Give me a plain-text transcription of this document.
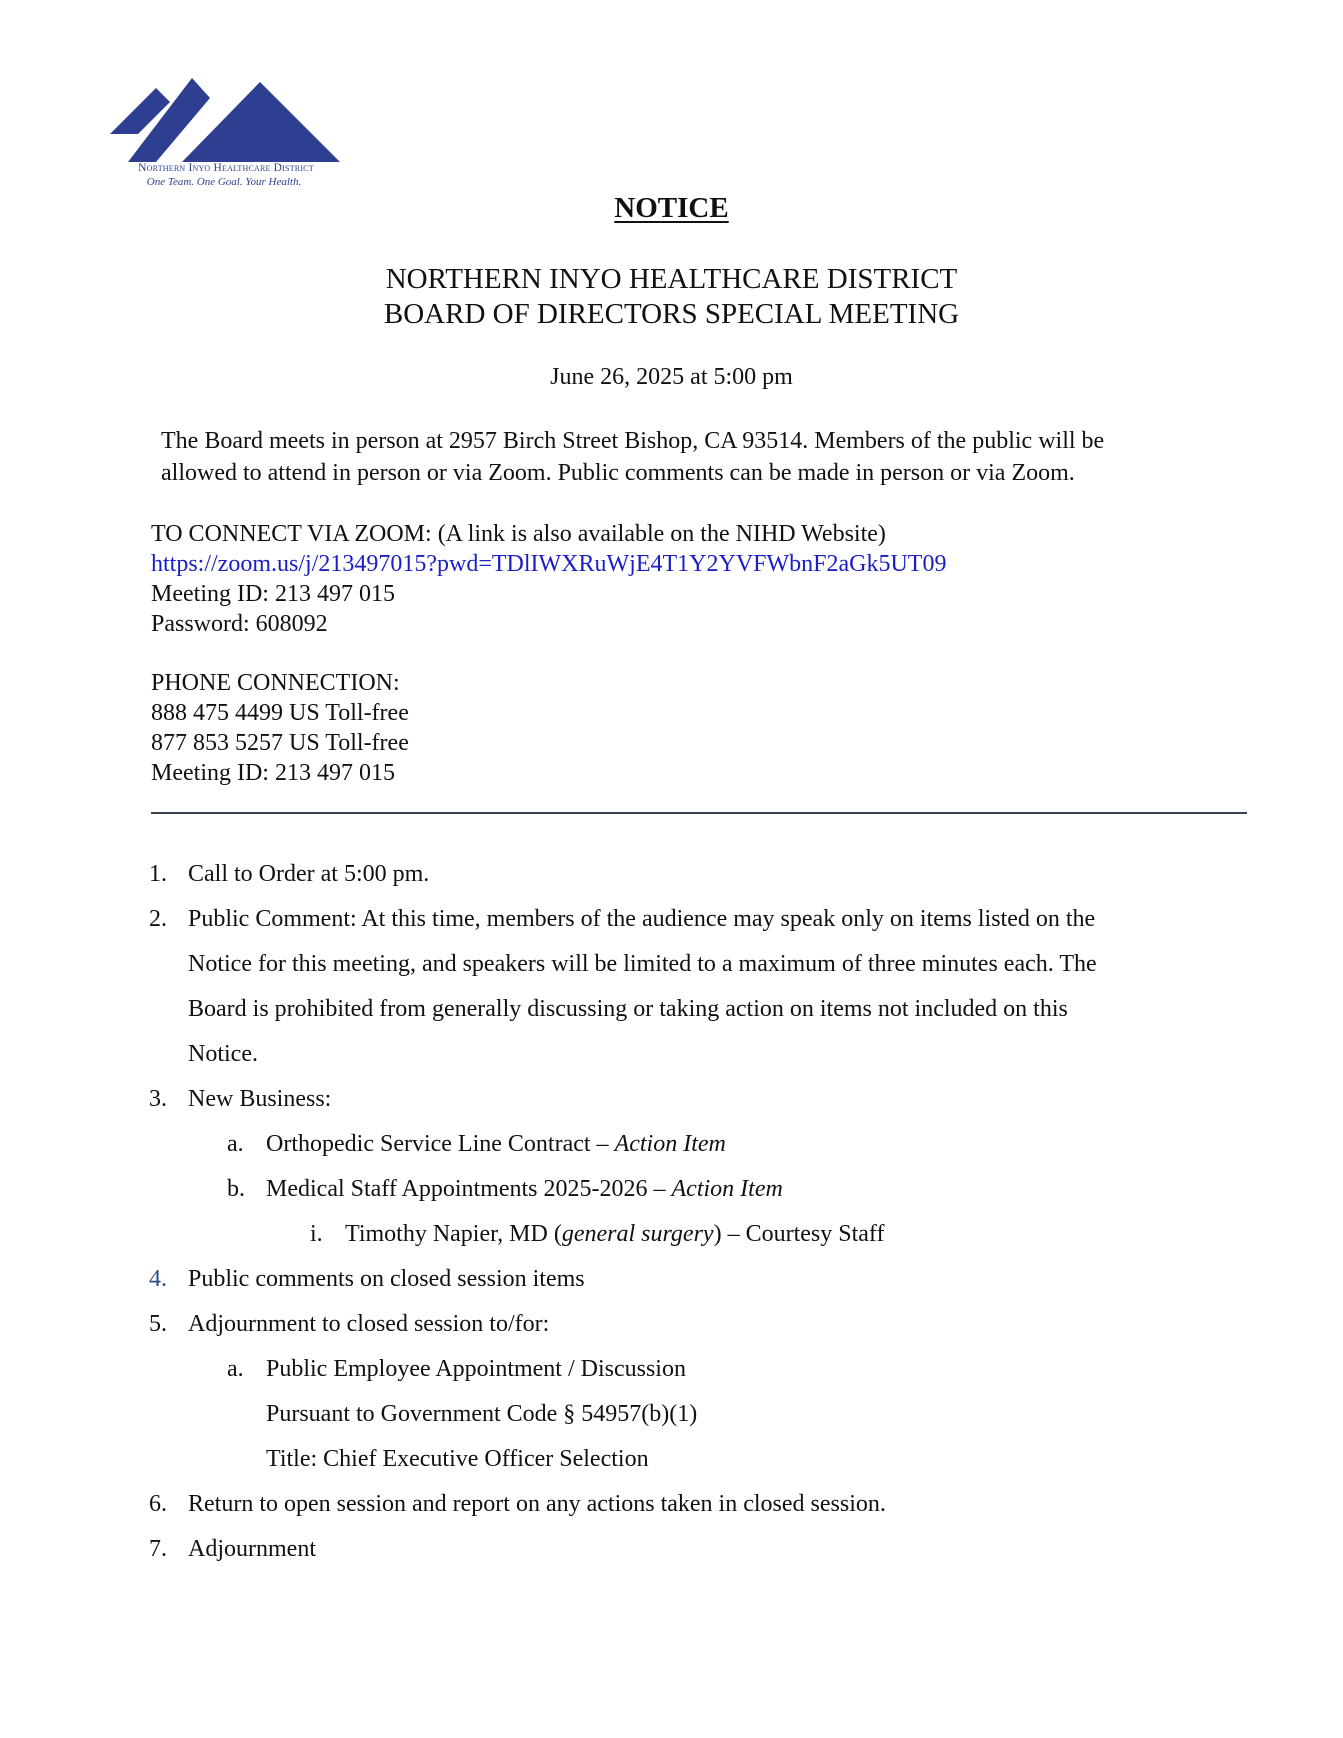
Northern Inyo Healthcare District
One Team. One Goal. Your Health.
NOTICE
NORTHERN INYO HEALTHCARE DISTRICT
BOARD OF DIRECTORS SPECIAL MEETING
June 26, 2025 at 5:00 pm
The Board meets in person at 2957 Birch Street Bishop, CA 93514. Members of the public will be
allowed to attend in person or via Zoom. Public comments can be made in person or via Zoom.
TO CONNECT VIA ZOOM: (A link is also available on the NIHD Website)
https://zoom.us/j/213497015?pwd=TDlIWXRuWjE4T1Y2YVFWbnF2aGk5UT09
Meeting ID: 213 497 015
Password: 608092
PHONE CONNECTION:
888 475 4499 US Toll-free
877 853 5257 US Toll-free
Meeting ID: 213 497 015
1. Call to Order at 5:00 pm.
2. Public Comment: At this time, members of the audience may speak only on items listed on the
Notice for this meeting, and speakers will be limited to a maximum of three minutes each. The
Board is prohibited from generally discussing or taking action on items not included on this
Notice.
3. New Business:
a. Orthopedic Service Line Contract – Action Item
b. Medical Staff Appointments 2025-2026 – Action Item
i. Timothy Napier, MD (general surgery) – Courtesy Staff
4. Public comments on closed session items
5. Adjournment to closed session to/for:
a. Public Employee Appointment / Discussion
Pursuant to Government Code § 54957(b)(1)
Title: Chief Executive Officer Selection
6. Return to open session and report on any actions taken in closed session.
7. Adjournment
